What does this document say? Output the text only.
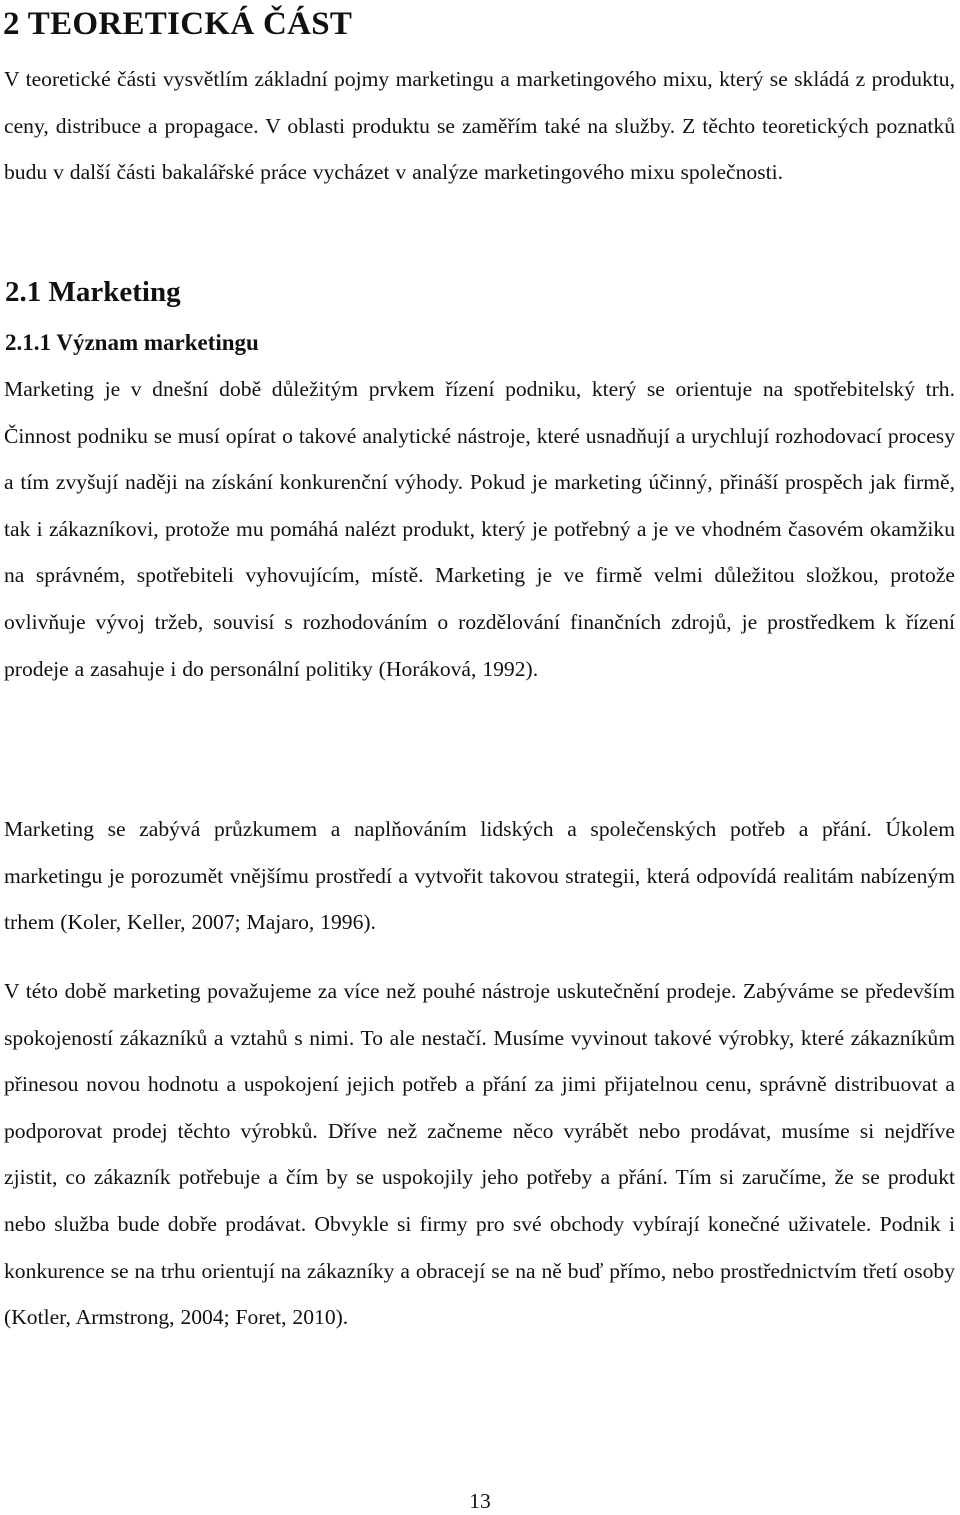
2 TEORETICKÁ ČÁST

V teoretické části vysvětlím základní pojmy marketingu a marketingového mixu, který se skládá z produktu, ceny, distribuce a propagace. V oblasti produktu se zaměřím také na služby. Z těchto teoretických poznatků budu v další části bakalářské práce vycházet v analýze marketingového mixu společnosti.

2.1 Marketing
2.1.1 Význam marketingu

Marketing je v dnešní době důležitým prvkem řízení podniku, který se orientuje na spotřebitelský trh. Činnost podniku se musí opírat o takové analytické nástroje, které usnadňují a urychlují rozhodovací procesy a tím zvyšují naději na získání konkurenční výhody. Pokud je marketing účinný, přináší prospěch jak firmě, tak i zákazníkovi, protože mu pomáhá nalézt produkt, který je potřebný a je ve vhodném časovém okamžiku na správném, spotřebiteli vyhovujícím, místě. Marketing je ve firmě velmi důležitou složkou, protože ovlivňuje vývoj tržeb, souvisí s rozhodováním o rozdělování finančních zdrojů, je prostředkem k řízení prodeje a zasahuje i do personální politiky (Horáková, 1992).

Marketing se zabývá průzkumem a naplňováním lidských a společenských potřeb a přání. Úkolem marketingu je porozumět vnějšímu prostředí a vytvořit takovou strategii, která odpovídá realitám nabízeným trhem (Koler, Keller, 2007; Majaro, 1996).

V této době marketing považujeme za více než pouhé nástroje uskutečnění prodeje. Zabýváme se především spokojeností zákazníků a vztahů s nimi. To ale nestačí. Musíme vyvinout takové výrobky, které zákazníkům přinesou novou hodnotu a uspokojení jejich potřeb a přání za jimi přijatelnou cenu, správně distribuovat a podporovat prodej těchto výrobků. Dříve než začneme něco vyrábět nebo prodávat, musíme si nejdříve zjistit, co zákazník potřebuje a čím by se uspokojily jeho potřeby a přání. Tím si zaručíme, že se produkt nebo služba bude dobře prodávat. Obvykle si firmy pro své obchody vybírají konečné uživatele. Podnik i konkurence se na trhu orientují na zákazníky a obracejí se na ně buď přímo, nebo prostřednictvím třetí osoby (Kotler, Armstrong, 2004; Foret, 2010).

13
